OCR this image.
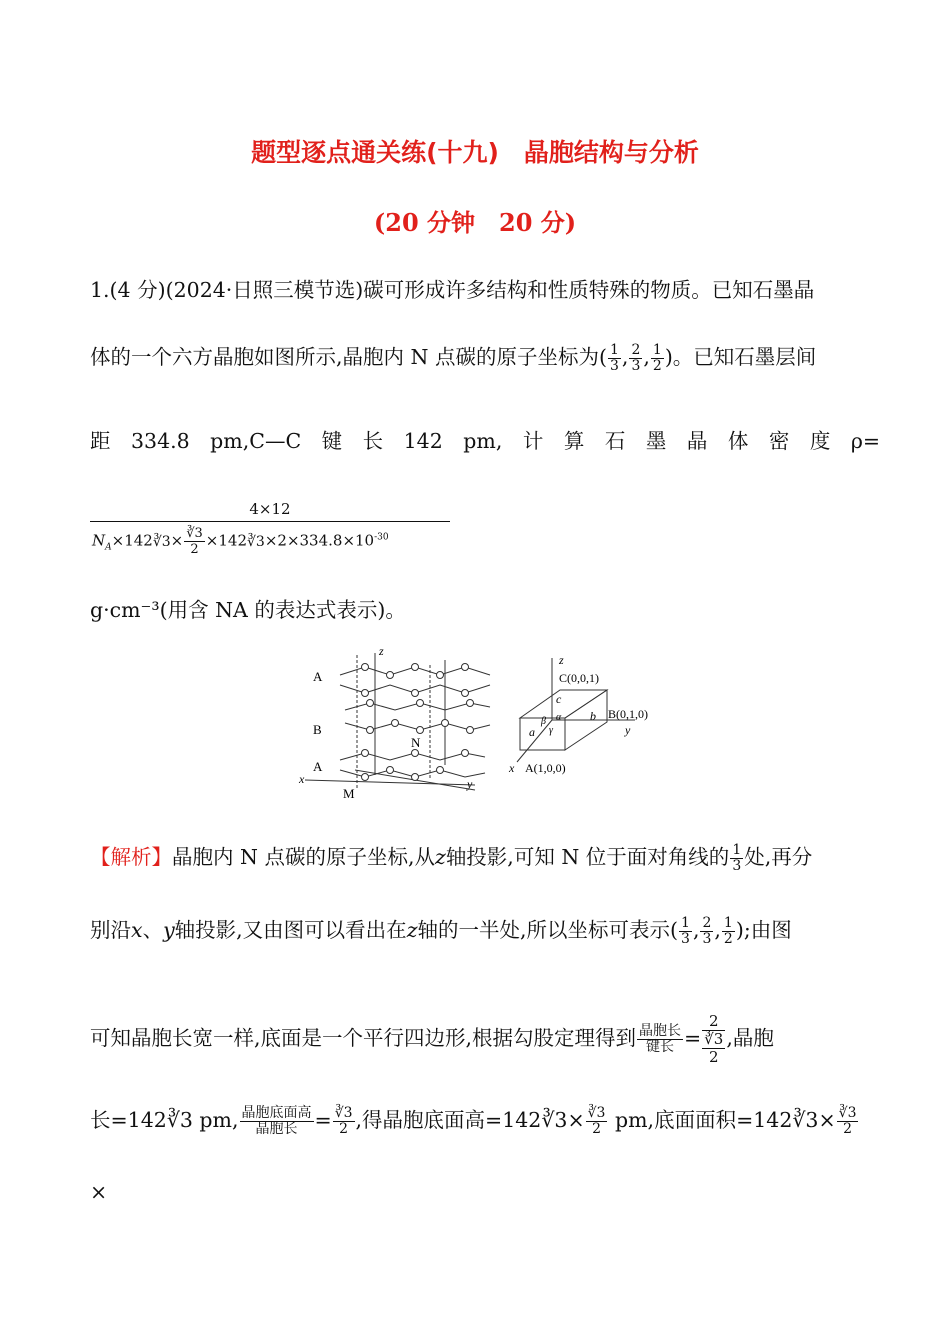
题型逐点通关练(十九)　晶胞结构与分析
(20 分钟　20 分)
1.(4 分)(2024·日照三模节选)碳可形成许多结构和性质特殊的物质。已知石墨晶
体的一个六方晶胞如图所示,晶胞内 N 点碳的原子坐标为( $\frac{1}{3}$ , $\frac{2}{3}$ , $\frac{1}{2}$ )。已知石墨层间
距　334.8　pm,C—C　键　长　142　pm,　计　算　石　墨　晶　体　密　度　ρ=
4×12
$N_A\times 142∛3\times \frac{∛3}{2}$ $\times 142∛3\times 2\times 334.8\times 10^{-30}$
g·cm⁻³(用含 NA 的表达式表示)。
A
B
A
z
x	y
N
M
z
C(0,0,1)
B(0,1,0)
A(1,0,0)
a
b
c
α
β
γ
x
y
【解析】晶胞内 N 点碳的原子坐标,从z轴投影,可知 N 位于面对角线的 $\frac{1}{3}$ 处,再分
别沿x、y轴投影,又由图可以看出在z轴的一半处,所以坐标可表示( $\frac{1}{3}$ , $\frac{2}{3}$ , $\frac{1}{2}$ );由图
可知晶胞长宽一样,底面是一个平行四边形,根据勾股定理得到 $\frac{\text{晶胞长}}{\text{键长}}$ =
2
∛3
2
,晶胞
长=142∛3 pm, $\frac{\text{晶胞底面高}}{\text{晶胞长}} = \frac{∛3}{2}$ ,得晶胞底面高=142∛3× $\frac{∛3}{2}$ pm,底面面积=142∛3× $\frac{∛3}{2}$
×
